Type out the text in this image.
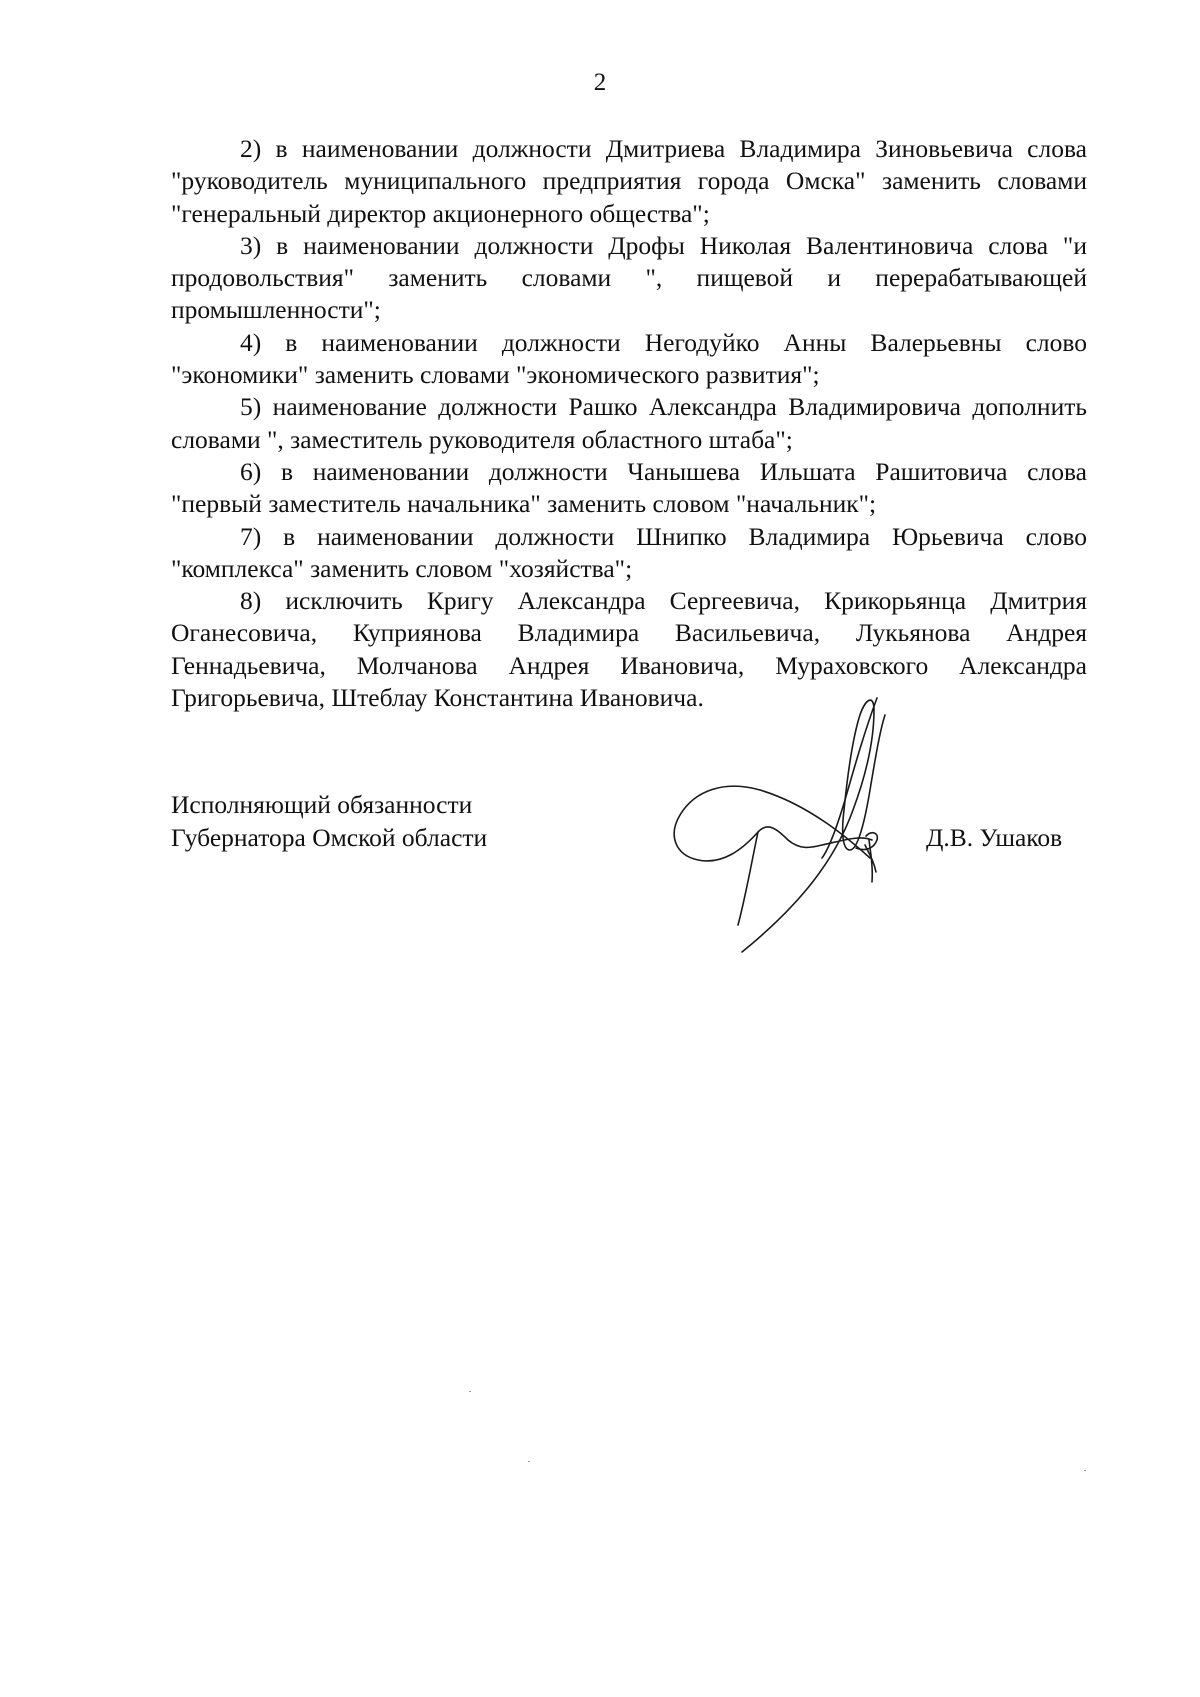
2

2) в наименовании должности Дмитриева Владимира Зиновьевича слова "руководитель муниципального предприятия города Омска" заменить словами "генеральный директор акционерного общества";

3) в наименовании должности Дрофы Николая Валентиновича слова "и продовольствия" заменить словами ", пищевой и перерабатывающей промышленности";

4) в наименовании должности Негодуйко Анны Валерьевны слово "экономики" заменить словами "экономического развития";

5) наименование должности Рашко Александра Владимировича дополнить словами ", заместитель руководителя областного штаба";

6) в наименовании должности Чанышева Ильшата Рашитовича слова "первый заместитель начальника" заменить словом "начальник";

7) в наименовании должности Шнипко Владимира Юрьевича слово "комплекса" заменить словом "хозяйства";

8) исключить Кригу Александра Сергеевича, Крикорьянца Дмитрия Оганесовича, Куприянова Владимира Васильевича, Лукьянова Андрея Геннадьевича, Молчанова Андрея Ивановича, Мураховского Александра Григорьевича, Штеблау Константина Ивановича.

Исполняющий обязанности
Губернатора Омской области	Д.В. Ушаков
